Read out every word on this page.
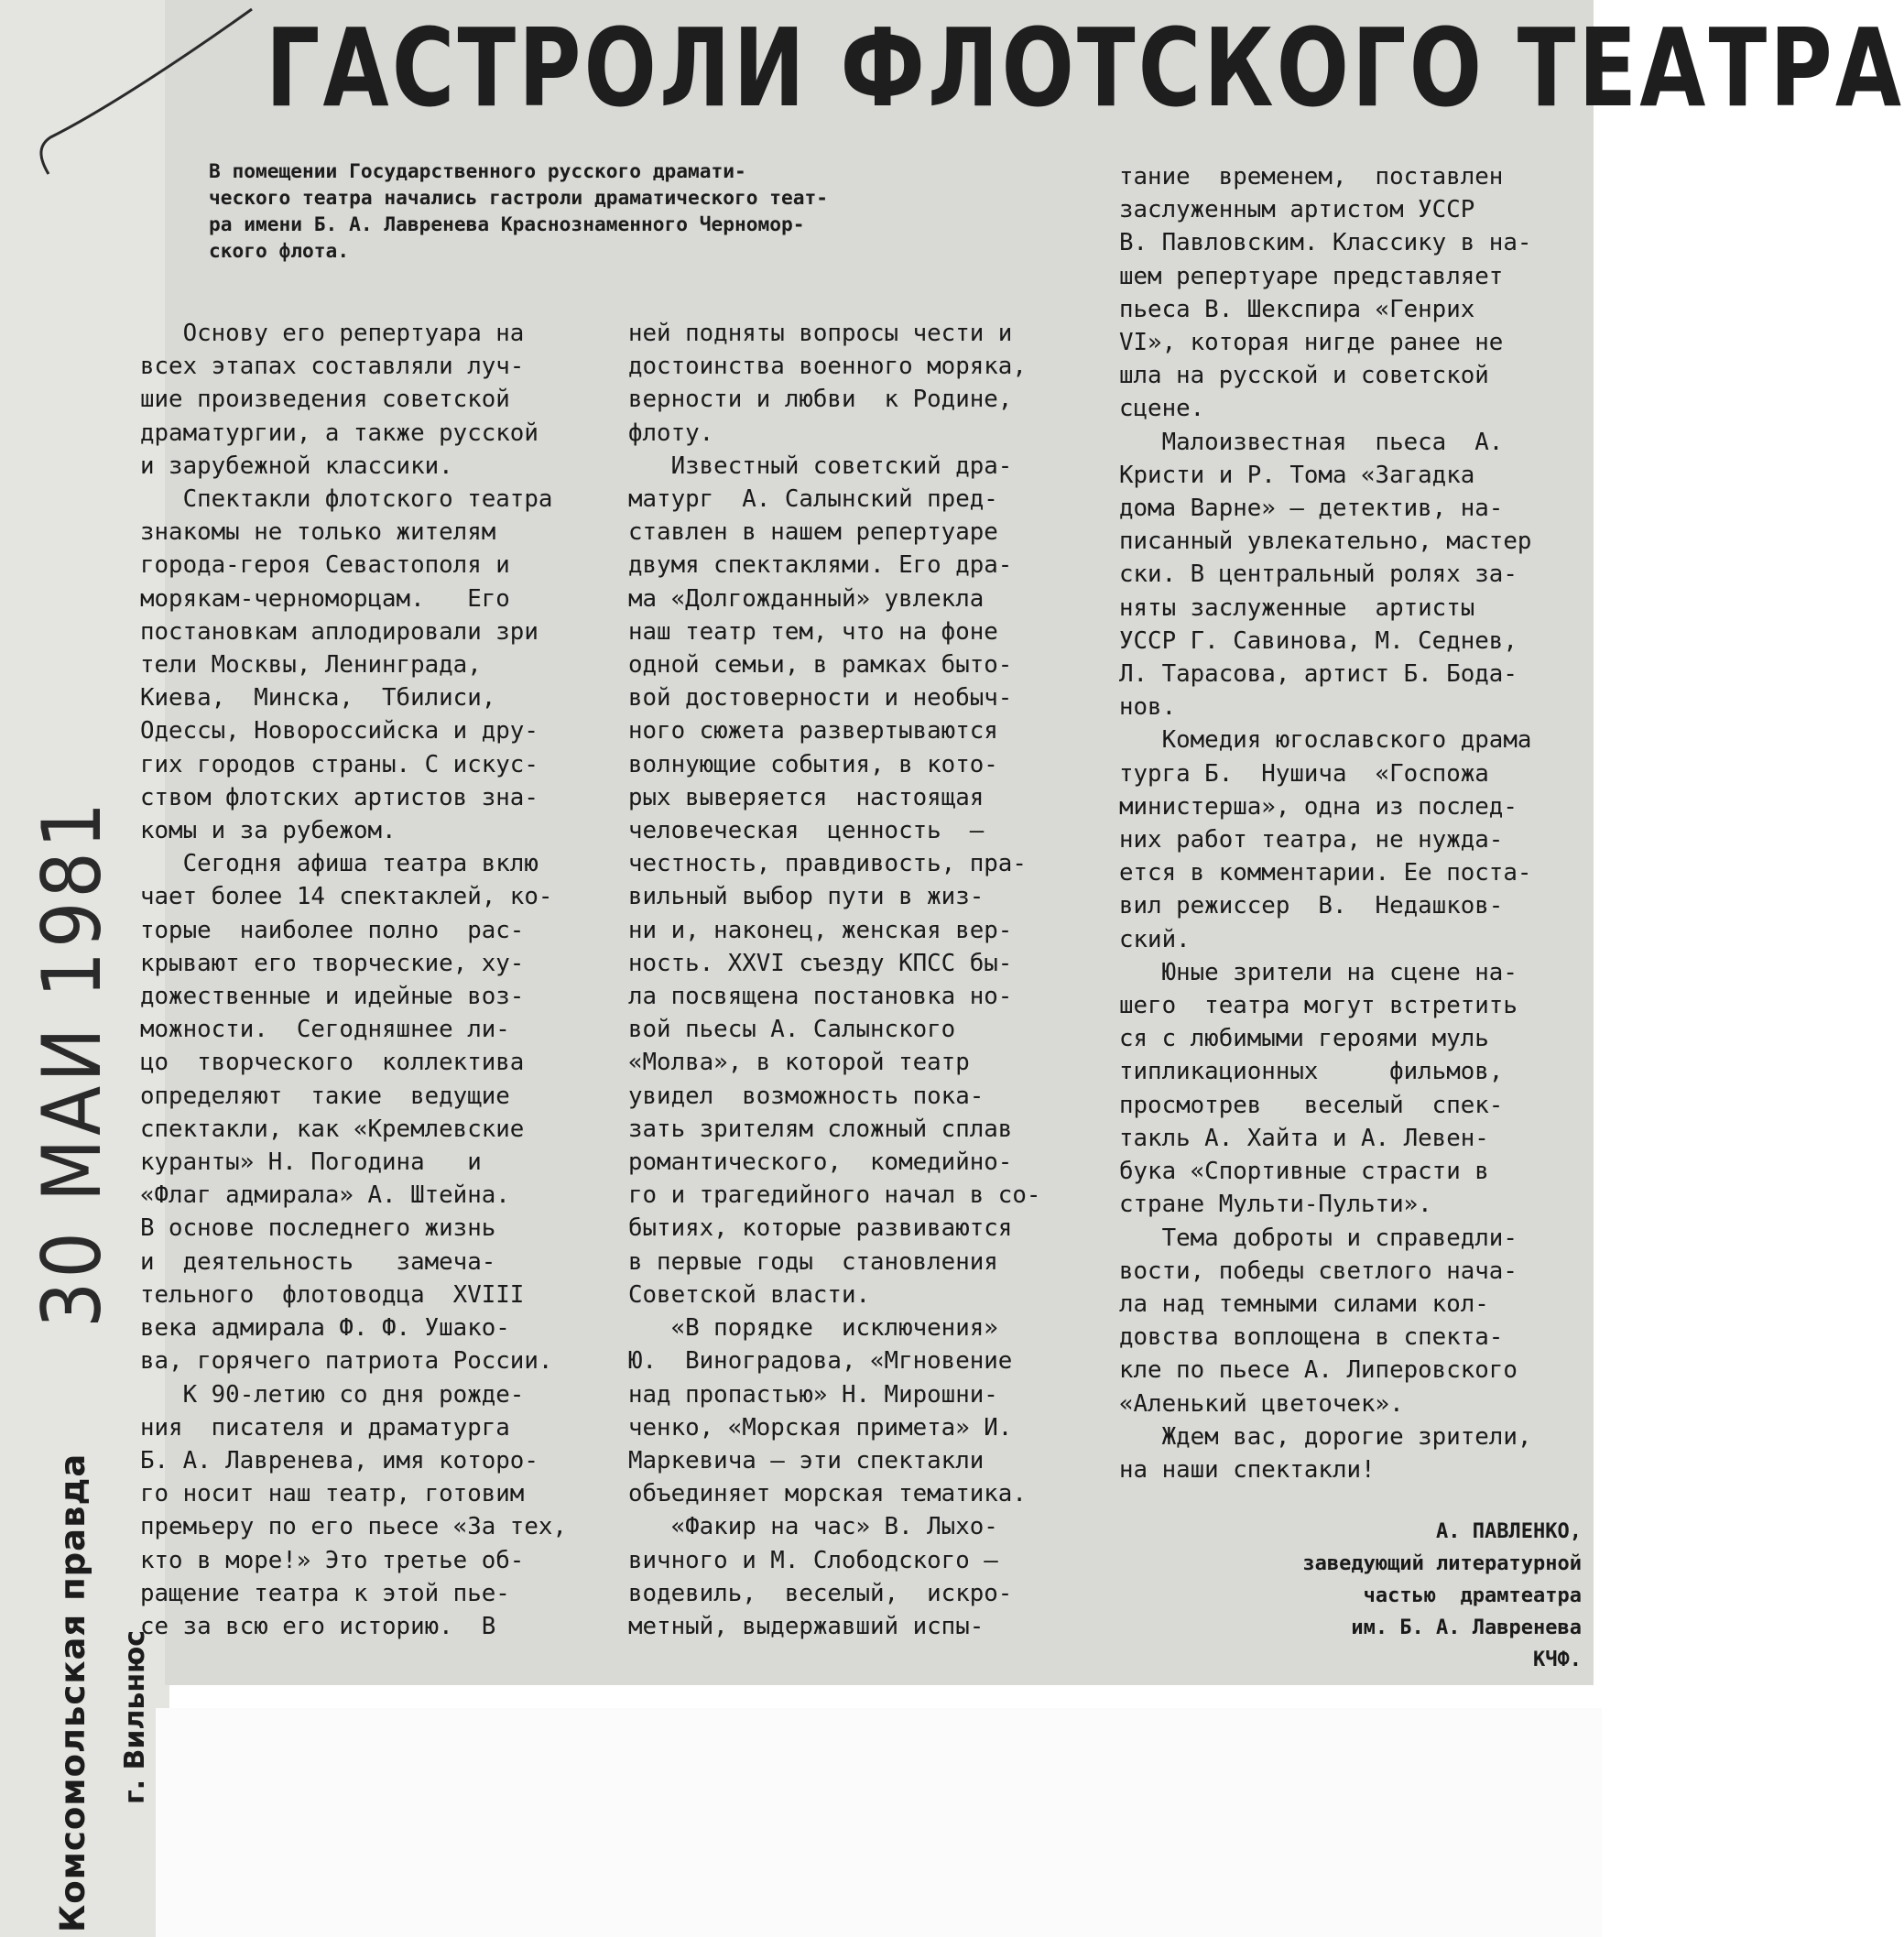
ГАСТРОЛИ ФЛОТСКОГО ТЕАТРА
В помещении Государственного русского драмати-
ческого театра начались гастроли драматического теат-
ра имени Б. А. Лавренева Краснознаменного Черномор-
ского флота.
Основу его репертуара на
всех этапах составляли луч-
шие произведения советской
драматургии, а также русской
и зарубежной классики.
Спектакли флотского театра
знакомы не только жителям
города-героя Севастополя и
морякам-черноморцам.   Его
постановкам аплодировали зри
тели Москвы, Ленинграда,
Киева,  Минска,  Тбилиси,
Одессы, Новороссийска и дру-
гих городов страны. С искус-
ством флотских артистов зна-
комы и за рубежом.
Сегодня афиша театра вклю
чает более 14 спектаклей, ко-
торые  наиболее полно  рас-
крывают его творческие, ху-
дожественные и идейные воз-
можности.  Сегодняшнее ли-
цо  творческого  коллектива
определяют  такие  ведущие
спектакли, как «Кремлевские
куранты» Н. Погодина   и
«Флаг адмирала» А. Штейна.
В основе последнего жизнь
и  деятельность   замеча-
тельного  флотоводца  XVIII
века адмирала Ф. Ф. Ушако-
ва, горячего патриота России.
К 90-летию со дня рожде-
ния  писателя и драматурга
Б. А. Лавренева, имя которо-
го носит наш театр, готовим
премьеру по его пьесе «За тех,
кто в море!» Это третье об-
ращение театра к этой пье-
се за всю его историю.  В
ней подняты вопросы чести и
достоинства военного моряка,
верности и любви  к Родине,
флоту.
Известный советский дра-
матург  А. Салынский пред-
ставлен в нашем репертуаре
двумя спектаклями. Его дра-
ма «Долгожданный» увлекла
наш театр тем, что на фоне
одной семьи, в рамках быто-
вой достоверности и необыч-
ного сюжета развертываются
волнующие события, в кото-
рых выверяется  настоящая
человеческая  ценность  —
честность, правдивость, пра-
вильный выбор пути в жиз-
ни и, наконец, женская вер-
ность. XXVI съезду КПСС бы-
ла посвящена постановка но-
вой пьесы А. Салынского
«Молва», в которой театр
увидел  возможность пока-
зать зрителям сложный сплав
романтического,  комедийно-
го и трагедийного начал в со-
бытиях, которые развиваются
в первые годы  становления
Советской власти.
«В порядке  исключения»
Ю.  Виноградова, «Мгновение
над пропастью» Н. Мирошни-
ченко, «Морская примета» И.
Маркевича — эти спектакли
объединяет морская тематика.
«Факир на час» В. Лыхо-
вичного и М. Слободского —
водевиль,  веселый,  искро-
метный, выдержавший испы-
тание  временем,  поставлен
заслуженным артистом УССР
В. Павловским. Классику в на-
шем репертуаре представляет
пьеса В. Шекспира «Генрих
VI», которая нигде ранее не
шла на русской и советской
сцене.
Малоизвестная  пьеса  А.
Кристи и Р. Тома «Загадка
дома Варне» — детектив, на-
писанный увлекательно, мастер
ски. В центральный ролях за-
няты заслуженные  артисты
УССР Г. Савинова, М. Седнев,
Л. Тарасова, артист Б. Бода-
нов.
Комедия югославского драма
турга Б.  Нушича  «Госпожа
министерша», одна из послед-
них работ театра, не нужда-
ется в комментарии. Ее поста-
вил режиссер  В.  Недашков-
ский.
Юные зрители на сцене на-
шего  театра могут встретить
ся с любимыми героями муль
типликационных     фильмов,
просмотрев   веселый  спек-
такль А. Хайта и А. Левен-
бука «Спортивные страсти в
стране Мульти-Пульти».
Тема доброты и справедли-
вости, победы светлого нача-
ла над темными силами кол-
довства воплощена в спекта-
кле по пьесе А. Липеровского
«Аленький цветочек».
Ждем вас, дорогие зрители,
на наши спектакли!
А. ПАВЛЕНКО,
заведующий литературной
частью  драмтеатра
им. Б. А. Лавренева
КЧФ.
30 МАИ 1981
Комсомольская правда г. Вильнюс
